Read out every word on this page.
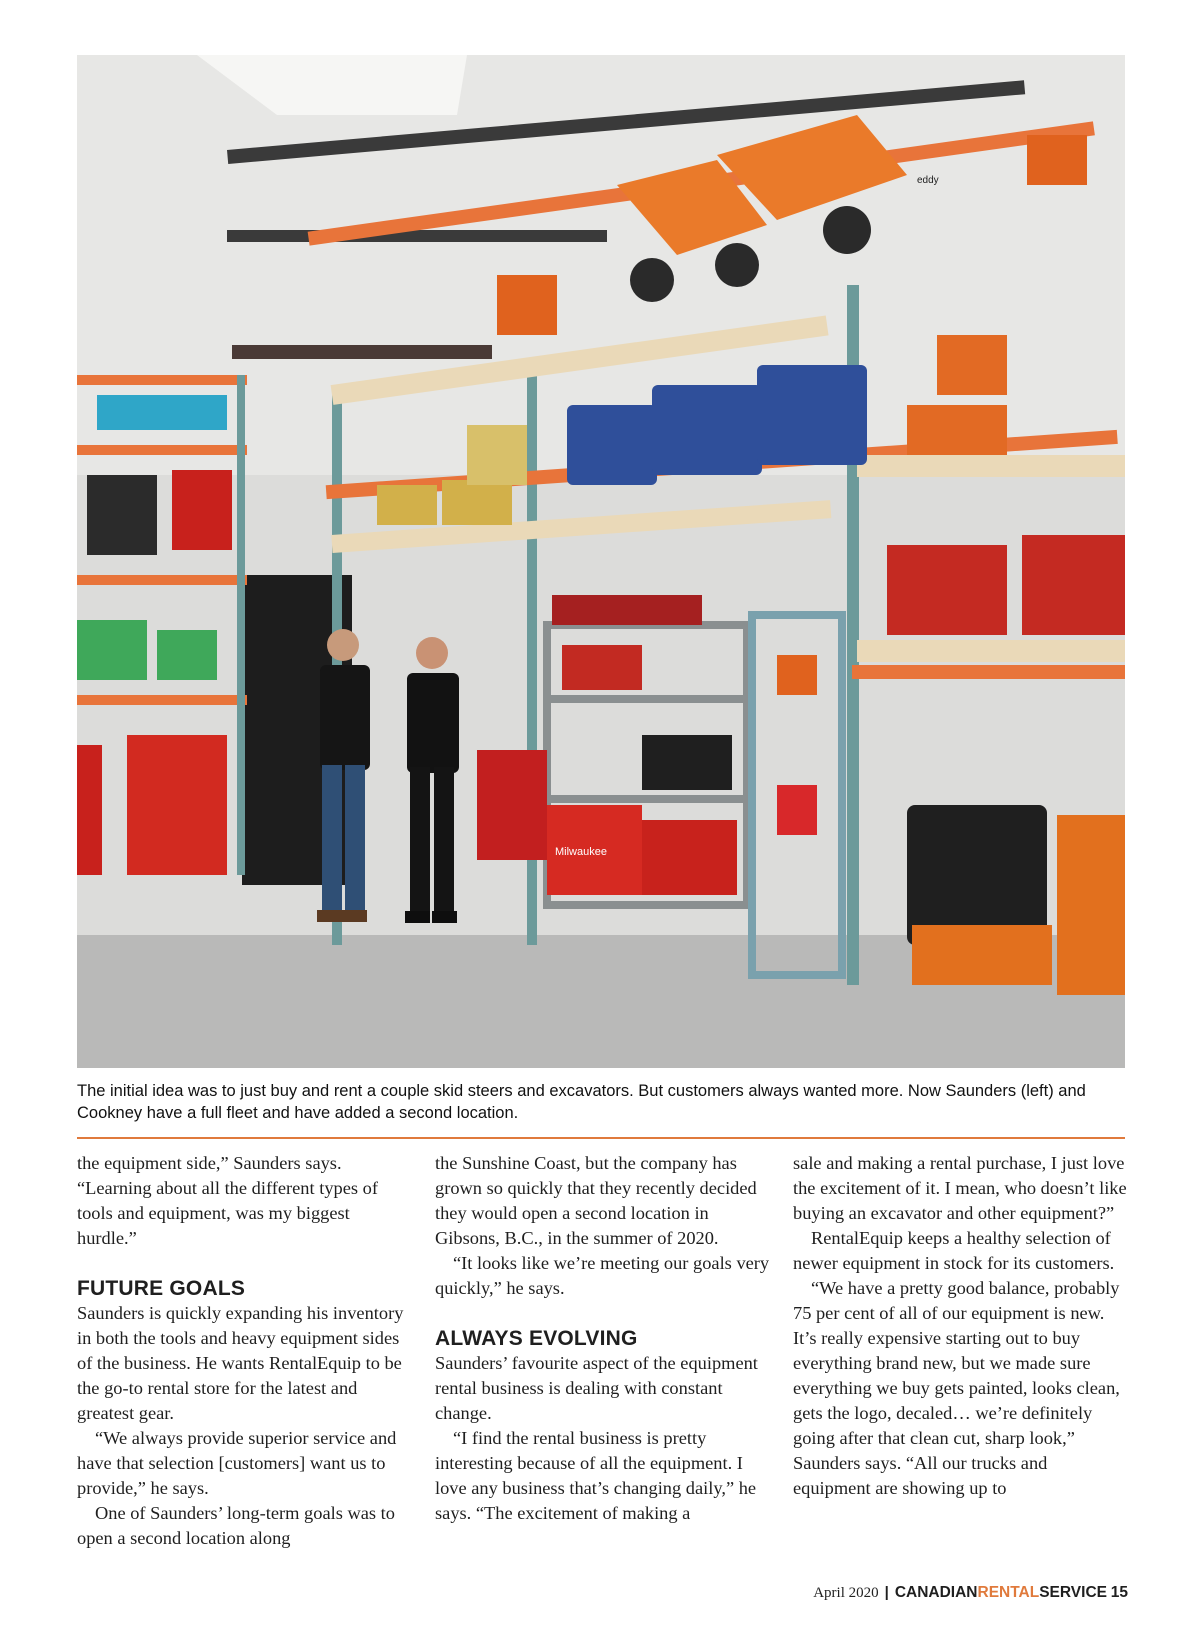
Milwaukee
eddy
The initial idea was to just buy and rent a couple skid steers and excavators. But customers always wanted more. Now Saunders (left) and Cookney have a full fleet and have added a second location.

the equipment side,” Saunders says. “Learning about all the different types of tools and equipment, was my biggest hurdle.”

FUTURE GOALS

Saunders is quickly expanding his inventory in both the tools and heavy equipment sides of the business. He wants RentalEquip to be the go-to rental store for the latest and greatest gear.

“We always provide superior service and have that selection [customers] want us to provide,” he says.

One of Saunders’ long-term goals was to open a second location along

the Sunshine Coast, but the company has grown so quickly that they recently decided they would open a second location in Gibsons, B.C., in the summer of 2020.

“It looks like we’re meeting our goals very quickly,” he says.

ALWAYS EVOLVING

Saunders’ favourite aspect of the equipment rental business is dealing with constant change.

“I find the rental business is pretty interesting because of all the equipment. I love any business that’s changing daily,” he says. “The excitement of making a

sale and making a rental purchase, I just love the excitement of it. I mean, who doesn’t like buying an excavator and other equipment?”

RentalEquip keeps a healthy selection of newer equipment in stock for its customers.

“We have a pretty good balance, probably 75 per cent of all of our equipment is new. It’s really expensive starting out to buy everything brand new, but we made sure everything we buy gets painted, looks clean, gets the logo, decaled… we’re definitely going after that clean cut, sharp look,” Saunders says. “All our trucks and equipment are showing up to

April 2020 | CANADIANRENTALSERVICE 15
